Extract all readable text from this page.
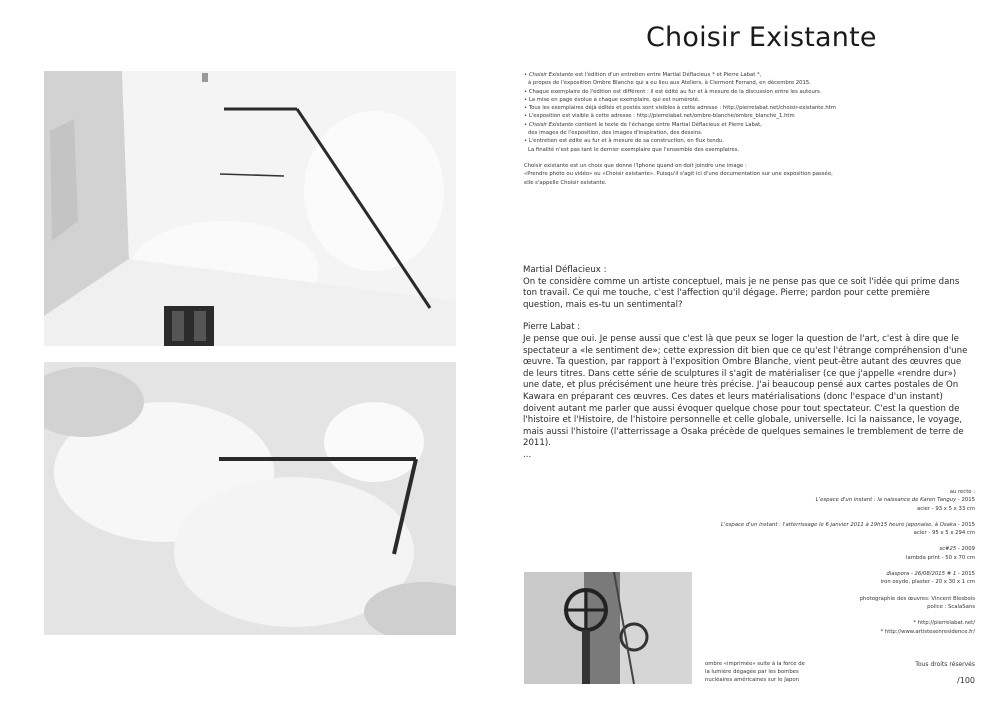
Choisir Existante
• Choisir Existante est l'édition d'un entretien entre Martial Déflacieux * et Pierre Labat *,
à propos de l'exposition Ombre Blanche qui a eu lieu aux Ateliers, à Clermont Ferrand, en décembre 2015.
• Chaque exemplaire de l'édition est différent : il est édité au fur et à mesure de la discussion entre les auteurs.
• La mise en page évolue à chaque exemplaire, qui est numéroté.
• Tous les exemplaires déjà édités et postés sont visibles à cette adresse : http://pierrelabat.net/choisir-existante.htm
• L'exposition est visible à cette adresse : http://pierrelabat.net/ombre-blanche/ombre_blanche_1.htm
• Choisir Existante contient le texte de l'échange entre Martial Déflacieux et Pierre Labat,
des images de l'exposition, des images d'inspiration, des dessins.
• L'entretien est édité au fur et à mesure de sa construction, en flux tendu.
La finalité n'est pas tant le dernier exemplaire que l'ensemble des exemplaires.
Choisir existante est un choix que donne l'Iphone quand on doit joindre une image :
«Prendre photo ou vidéo» ou «Choisir existante». Puisqu'il s'agit ici d'une documentation sur une exposition passée,
elle s'appelle Choisir existante.

Martial Déflacieux :

On te considère comme un artiste conceptuel, mais je ne pense pas que ce soit l'idée qui prime dans ton travail. Ce qui me touche, c'est l'affection qu'il dégage. Pierre; pardon pour cette première question, mais es-tu un sentimental?

Pierre Labat :

Je pense que oui. Je pense aussi que c'est là que peux se loger la question de l'art, c'est à dire que le spectateur a «le sentiment de»; cette expression dit bien que ce qu'est l'étrange compréhension d'une œuvre. Ta question, par rapport à l'exposition Ombre Blanche, vient peut-être autant des œuvres que de leurs titres. Dans cette série de sculptures il s'agit de matérialiser (ce que j'appelle «rendre dur») une date, et plus précisément une heure très précise. J'ai beaucoup pensé aux cartes postales de On Kawara en préparant ces œuvres. Ces dates et leurs matérialisations (donc l'espace d'un instant) doivent autant me parler que aussi évoquer quelque chose pour tout spectateur. C'est la question de l'histoire et l'Histoire, de l'histoire personnelle et celle globale, universelle. Ici la naissance, le voyage, mais aussi l'histoire (l'atterrissage a Osaka précède de quelques semaines le tremblement de terre de 2011).

...

au recto :
L'espace d'un instant : la naissance de Karen Tanguy - 2015
acier - 93 x 5 x 33 cm
L'espace d'un instant : l'atterrissage le 6 janvier 2011 à 19h15 heure japonaise, à Osaka - 2015
acier - 95 x 5 x 294 cm
sc#25 - 2009
lambda print - 50 x 70 cm
diaspora - 26/08/2015 # 1 - 2015
iron oxyde, plaster - 20 x 30 x 1 cm
photographie des œuvres: Vincent Blesbois
police : ScalaSans
* http://pierrelabat.net/
* http://www.artistesenresidence.fr/
ombre «imprimée» suite à la force de
la lumière dégagée par les bombes
nucléaires américaines sur le Japon
Tous droits réservés
/100
